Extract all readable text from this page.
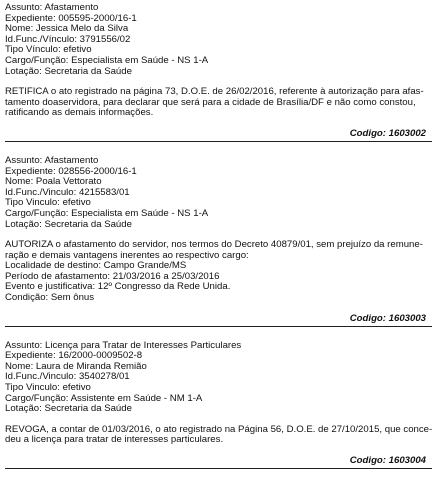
Assunto: Afastamento
Expediente: 005595-2000/16-1
Nome: Jessica Melo da Silva
Id.Func./Vínculo: 3791556/02
Tipo Vínculo: efetivo
Cargo/Função: Especialista em Saúde - NS 1-A
Lotação: Secretaria da Saúde
RETIFICA o ato registrado na página 73, D.O.E. de 26/02/2016, referente à autorização para afas-
tamento doaservidora, para declarar que será para a cidade de Brasília/DF e não como constou,
ratificando as demais informações.
Codigo: 1603002
Assunto: Afastamento
Expediente: 028556-2000/16-1
Nome: Poala Vettorato
Id.Func./Vinculo: 4215583/01
Tipo Vinculo: efetivo
Cargo/Função: Especialista em Saúde - NS 1-A
Lotação: Secretaria da Saúde
AUTORIZA o afastamento do servidor, nos termos do Decreto 40879/01, sem prejuízo da remune-
ração e demais vantagens inerentes ao respectivo cargo:
Localidade de destino: Campo Grande/MS
Período de afastamento: 21/03/2016 a 25/03/2016
Evento e justificativa: 12º Congresso da Rede Unida.
Condição: Sem ônus
Codigo: 1603003
Assunto: Licença para Tratar de Interesses Particulares
Expediente: 16/2000-0009502-8
Nome: Laura de Miranda Remião
Id.Func./Vinculo: 3540278/01
Tipo Vinculo: efetivo
Cargo/Função: Assistente em Saúde - NM 1-A
Lotação: Secretaria da Saúde
REVOGA, a contar de 01/03/2016, o ato registrado na Página 56, D.O.E. de 27/10/2015, que conce-
deu a licença para tratar de interesses particulares.
Codigo: 1603004
